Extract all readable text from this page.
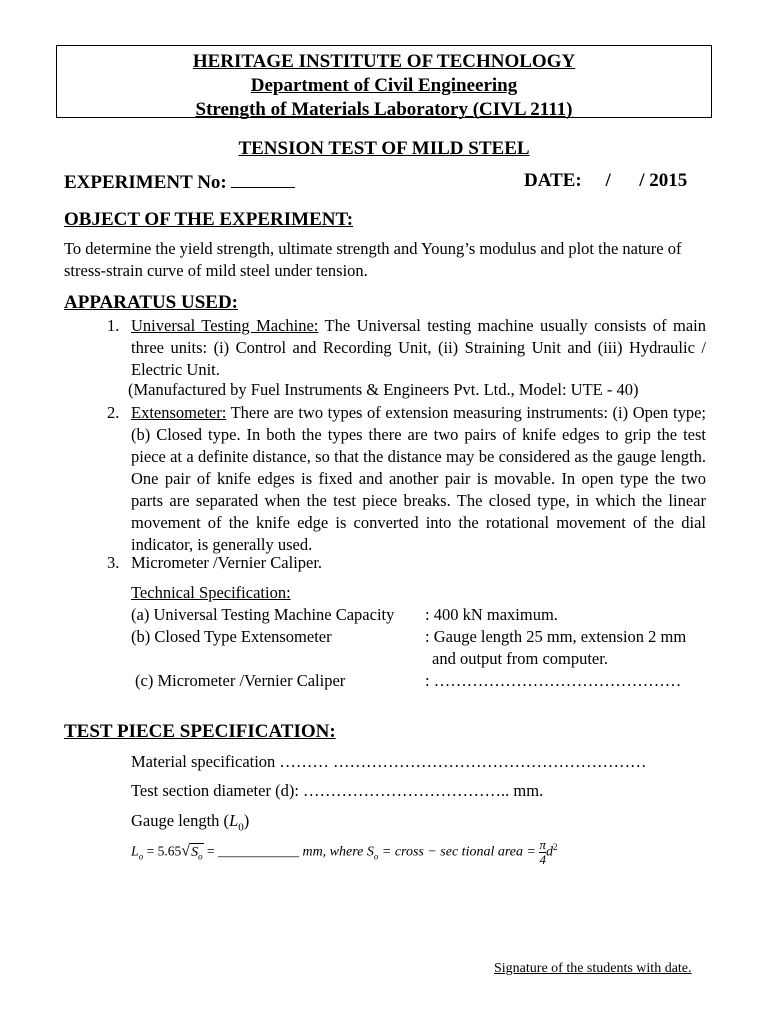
HERITAGE INSTITUTE OF TECHNOLOGY
Department of Civil Engineering
Strength of Materials Laboratory (CIVL 2111)
TENSION TEST OF MILD STEEL
EXPERIMENT No:	DATE: /      / 2015
OBJECT OF THE EXPERIMENT:
To determine the yield strength, ultimate strength and Young’s modulus and plot the nature of stress-strain curve of mild steel under tension.
APPARATUS USED:
1. Universal Testing Machine: The Universal testing machine usually consists of main three units: (i) Control and Recording Unit, (ii) Straining Unit and (iii) Hydraulic / Electric Unit.
(Manufactured by Fuel Instruments & Engineers Pvt. Ltd., Model: UTE - 40)
2. Extensometer: There are two types of extension measuring instruments: (i) Open type; (b) Closed type. In both the types there are two pairs of knife edges to grip the test piece at a definite distance, so that the distance may be considered as the gauge length. One pair of knife edges is fixed and another pair is movable. In open type the two parts are separated when the test piece breaks. The closed type, in which the linear movement of the knife edge is converted into the rotational movement of the dial indicator, is generally used.
3. Micrometer /Vernier Caliper.
Technical Specification:
(a) Universal Testing Machine Capacity : 400 kN maximum.
(b) Closed Type Extensometer	: Gauge length 25 mm, extension 2 mm
and output from computer.
(c) Micrometer /Vernier Caliper	: ………………………………………
TEST PIECE SPECIFICATION:
Material specification ……… …………………………………………………
Test section diameter (d): ……………………………….. mm.
Gauge length $(L_0)$
$L_o = 5.65√S_o$ = ____________ mm, where $S_o$ = cross − sec tional area = $\frac{\pi}{4} d^2$
Signature of the students with date.
